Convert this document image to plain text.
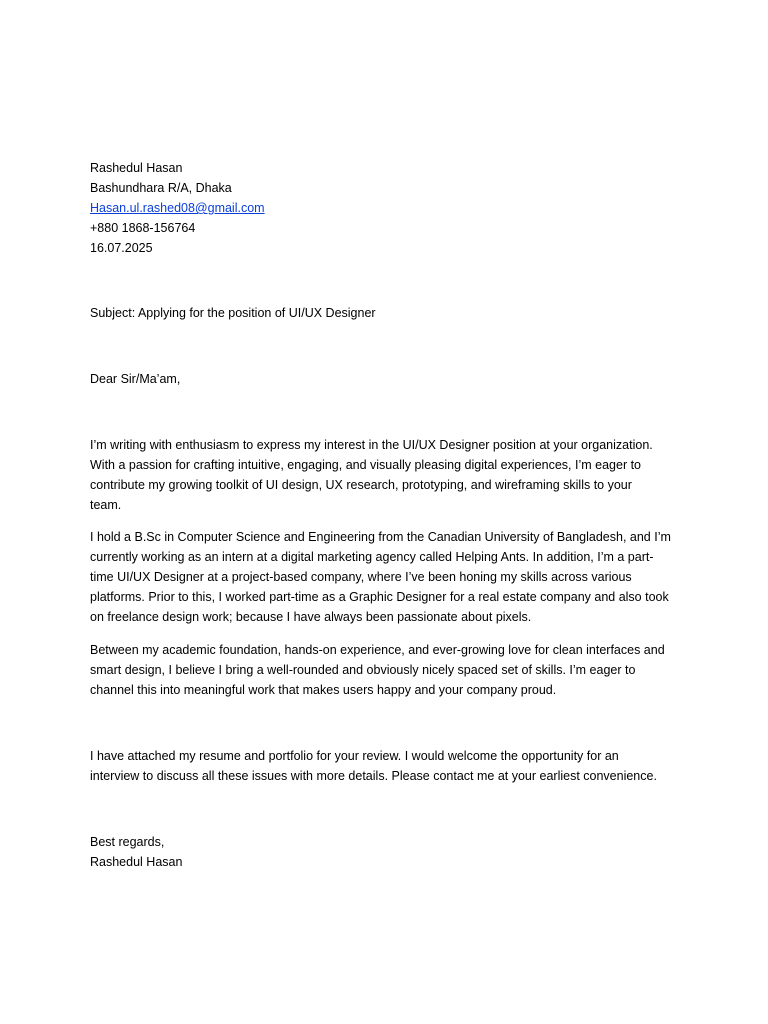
Rashedul Hasan
Bashundhara R/A, Dhaka
Hasan.ul.rashed08@gmail.com
+880 1868-156764
16.07.2025
Subject: Applying for the position of UI/UX Designer
Dear Sir/Ma’am,
I’m writing with enthusiasm to express my interest in the UI/UX Designer position at your organization.
With a passion for crafting intuitive, engaging, and visually pleasing digital experiences, I’m eager to
contribute my growing toolkit of UI design, UX research, prototyping, and wireframing skills to your
team.
I hold a B.Sc in Computer Science and Engineering from the Canadian University of Bangladesh, and I’m
currently working as an intern at a digital marketing agency called Helping Ants. In addition, I’m a part-
time UI/UX Designer at a project-based company, where I’ve been honing my skills across various
platforms. Prior to this, I worked part-time as a Graphic Designer for a real estate company and also took
on freelance design work; because I have always been passionate about pixels.
Between my academic foundation, hands-on experience, and ever-growing love for clean interfaces and
smart design, I believe I bring a well-rounded and obviously nicely spaced set of skills. I’m eager to
channel this into meaningful work that makes users happy and your company proud.
I have attached my resume and portfolio for your review. I would welcome the opportunity for an
interview to discuss all these issues with more details. Please contact me at your earliest convenience.
Best regards,
Rashedul Hasan
